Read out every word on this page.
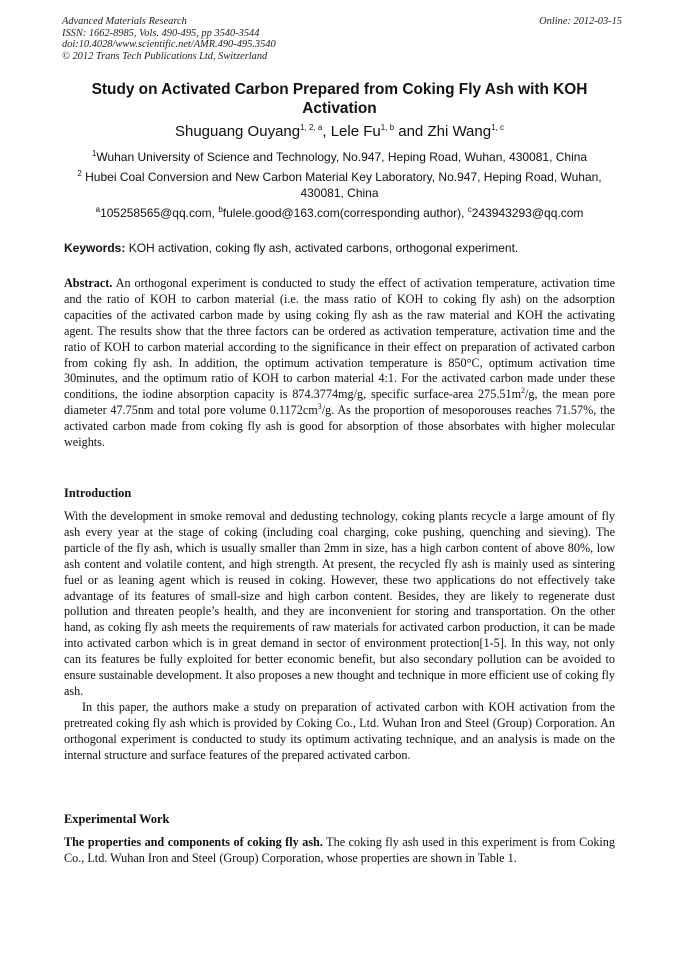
Advanced Materials Research
ISSN: 1662-8985, Vols. 490-495, pp 3540-3544
doi:10.4028/www.scientific.net/AMR.490-495.3540
© 2012 Trans Tech Publications Ltd, Switzerland
Online: 2012-03-15
Study on Activated Carbon Prepared from Coking Fly Ash with KOH Activation
Shuguang Ouyang$^{1, 2, a}$, Lele Fu$^{1, b}$ and Zhi Wang$^{1, c}$
$^1$Wuhan University of Science and Technology, No.947, Heping Road, Wuhan, 430081, China
$^2$ Hubei Coal Conversion and New Carbon Material Key Laboratory, No.947, Heping Road, Wuhan, 430081, China
$^a$105258565@qq.com, $^b$fulele.good@163.com(corresponding author), $^c$243943293@qq.com
Keywords: KOH activation, coking fly ash, activated carbons, orthogonal experiment.

Abstract. An orthogonal experiment is conducted to study the effect of activation temperature, activation time and the ratio of KOH to carbon material (i.e. the mass ratio of KOH to coking fly ash) on the adsorption capacities of the activated carbon made by using coking fly ash as the raw material and KOH the activating agent. The results show that the three factors can be ordered as activation temperature, activation time and the ratio of KOH to carbon material according to the significance in their effect on preparation of activated carbon from coking fly ash. In addition, the optimum activation temperature is 850°C, optimum activation time 30minutes, and the optimum ratio of KOH to carbon material 4:1. For the activated carbon made under these conditions, the iodine absorption capacity is 874.3774mg/g, specific surface-area $275.51m^2/g$, the mean pore diameter 47.75nm and total pore volume $0.1172cm^3/g$. As the proportion of mesoporouses reaches 71.57%, the activated carbon made from coking fly ash is good for absorption of those absorbates with higher molecular weights.

Introduction

With the development in smoke removal and dedusting technology, coking plants recycle a large amount of fly ash every year at the stage of coking (including coal charging, coke pushing, quenching and sieving). The particle of the fly ash, which is usually smaller than 2mm in size, has a high carbon content of above 80%, low ash content and volatile content, and high strength. At present, the recycled fly ash is mainly used as sintering fuel or as leaning agent which is reused in coking. However, these two applications do not effectively take advantage of its features of small-size and high carbon content. Besides, they are likely to regenerate dust pollution and threaten people’s health, and they are inconvenient for storing and transportation. On the other hand, as coking fly ash meets the requirements of raw materials for activated carbon production, it can be made into activated carbon which is in great demand in sector of environment protection[1-5]. In this way, not only can its features be fully exploited for better economic benefit, but also secondary pollution can be avoided to ensure sustainable development. It also proposes a new thought and technique in more efficient use of coking fly ash.

In this paper, the authors make a study on preparation of activated carbon with KOH activation from the pretreated coking fly ash which is provided by Coking Co., Ltd. Wuhan Iron and Steel (Group) Corporation. An orthogonal experiment is conducted to study its optimum activating technique, and an analysis is made on the internal structure and surface features of the prepared activated carbon.

Experimental Work

The properties and components of coking fly ash. The coking fly ash used in this experiment is from Coking Co., Ltd. Wuhan Iron and Steel (Group) Corporation, whose properties are shown in Table 1.
